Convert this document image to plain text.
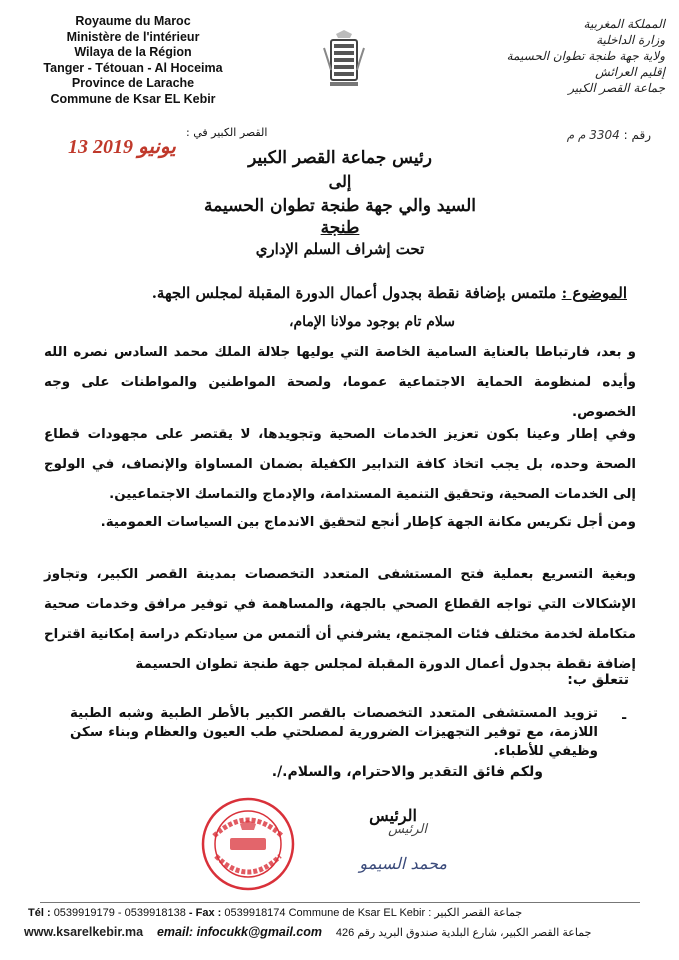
Royaume du Maroc
Ministère de l'intérieur
Wilaya de la Région
Tanger - Tétouan - Al Hoceima
Province de Larache
Commune de Ksar EL Kebir
المملكة المغربية
وزارة الداخلية
ولاية جهة طنجة تطوان الحسيمة
إقليم العرائش
جماعة القصر الكبير
رقم : 3304 م م
القصر الكبير في :
13 يونيو 2019	رئيس جماعة القصر الكبير
إلى
السيد والي جهة طنجة تطوان الحسيمة
طنجة
تحت إشراف السلم الإداري
الموضوع : ملتمس بإضافة نقطة بجدول أعمال الدورة المقبلة لمجلس الجهة.
سلام تام بوجود مولانا الإمام،
و بعد، فارتباطا بالعناية السامية الخاصة التي يوليها جلالة الملك محمد السادس نصره الله وأيده لمنظومة الحماية الاجتماعية عموما، ولصحة المواطنين والمواطنات على وجه الخصوص.
وفي إطار وعينا بكون تعزيز الخدمات الصحية وتجويدها، لا يقتصر على مجهودات قطاع الصحة وحده، بل يجب اتخاذ كافة التدابير الكفيلة بضمان المساواة والإنصاف، في الولوج إلى الخدمات الصحية، وتحقيق التنمية المستدامة، والإدماج والتماسك الاجتماعيين.
ومن أجل تكريس مكانة الجهة كإطار أنجع لتحقيق الاندماج بين السياسات العمومية.
وبغية التسريع بعملية فتح المستشفى المتعدد التخصصات بمدينة القصر الكبير، وتجاوز الإشكالات التي تواجه القطاع الصحي بالجهة، والمساهمة في توفير مرافق وخدمات صحية متكاملة لخدمة مختلف فئات المجتمع، يشرفني أن ألتمس من سيادتكم دراسة إمكانية اقتراح إضافة نقطة بجدول أعمال الدورة المقبلة لمجلس جهة طنجة تطوان الحسيمة
تتعلق ب:
-
تزويد المستشفى المتعدد التخصصات بالقصر الكبير بالأطر الطبية وشبه الطبية اللازمة، مع توفير التجهيزات الضرورية لمصلحتي طب العيون والعظام وبناء سكن وظيفي للأطباء.
ولكم فائق التقدير والاحترام، والسلام./.
الرئيس
الرئيس
محمد السيمو
Tél : 0539919179 - 0539918138 - Fax : 0539918174 Commune de Ksar EL Kebir : جماعة القصر الكبير
www.ksarelkebir.ma email: infocukk@gmail.com جماعة القصر الكبير، شارع البلدية صندوق البريد رقم 426
